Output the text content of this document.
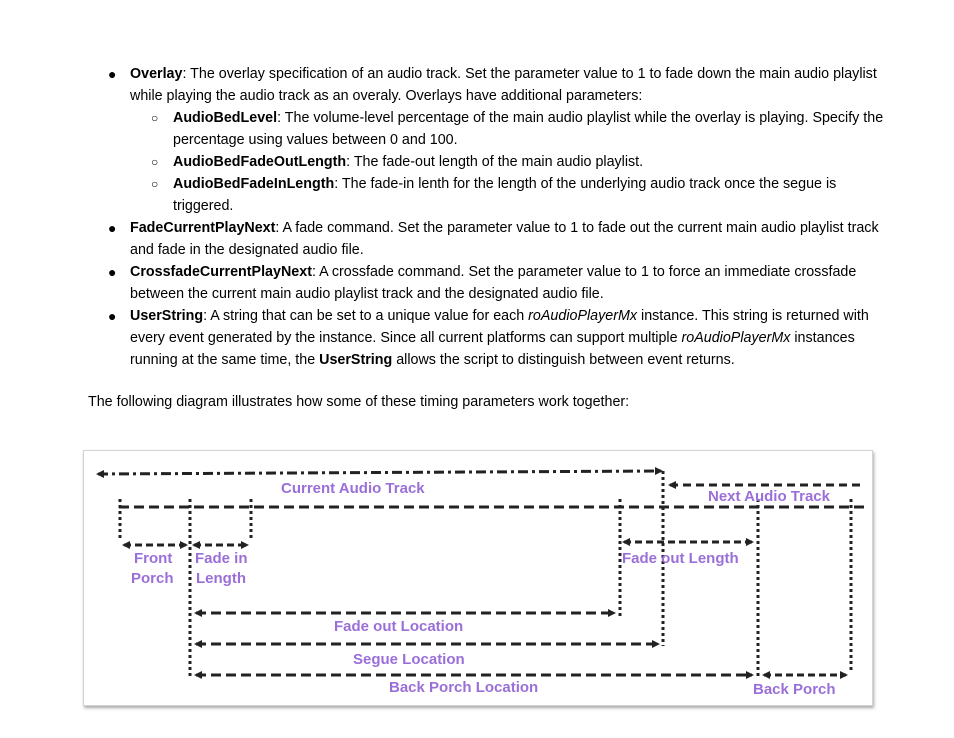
● Overlay: The overlay specification of an audio track. Set the parameter value to 1 to fade down the main audio playlist while playing the audio track as an overaly. Overlays have additional parameters:
○ AudioBedLevel: The volume-level percentage of the main audio playlist while the overlay is playing. Specify the percentage using values between 0 and 100.
○ AudioBedFadeOutLength: The fade-out length of the main audio playlist.
○ AudioBedFadeInLength: The fade-in lenth for the length of the underlying audio track once the segue is triggered.
● FadeCurrentPlayNext: A fade command. Set the parameter value to 1 to fade out the current main audio playlist track and fade in the designated audio file.
● CrossfadeCurrentPlayNext: A crossfade command. Set the parameter value to 1 to force an immediate crossfade between the current main audio playlist track and the designated audio file.
● UserString: A string that can be set to a unique value for each roAudioPlayerMx instance. This string is returned with every event generated by the instance. Since all current platforms can support multiple roAudioPlayerMx instances running at the same time, the UserString allows the script to distinguish between event returns.
The following diagram illustrates how some of these timing parameters work together:
Current Audio Track	Next Audio Track
Front
Porch
Fade in
Length
Fade out Length
Fade out Location
Segue Location
Back Porch Location	Back Porch
